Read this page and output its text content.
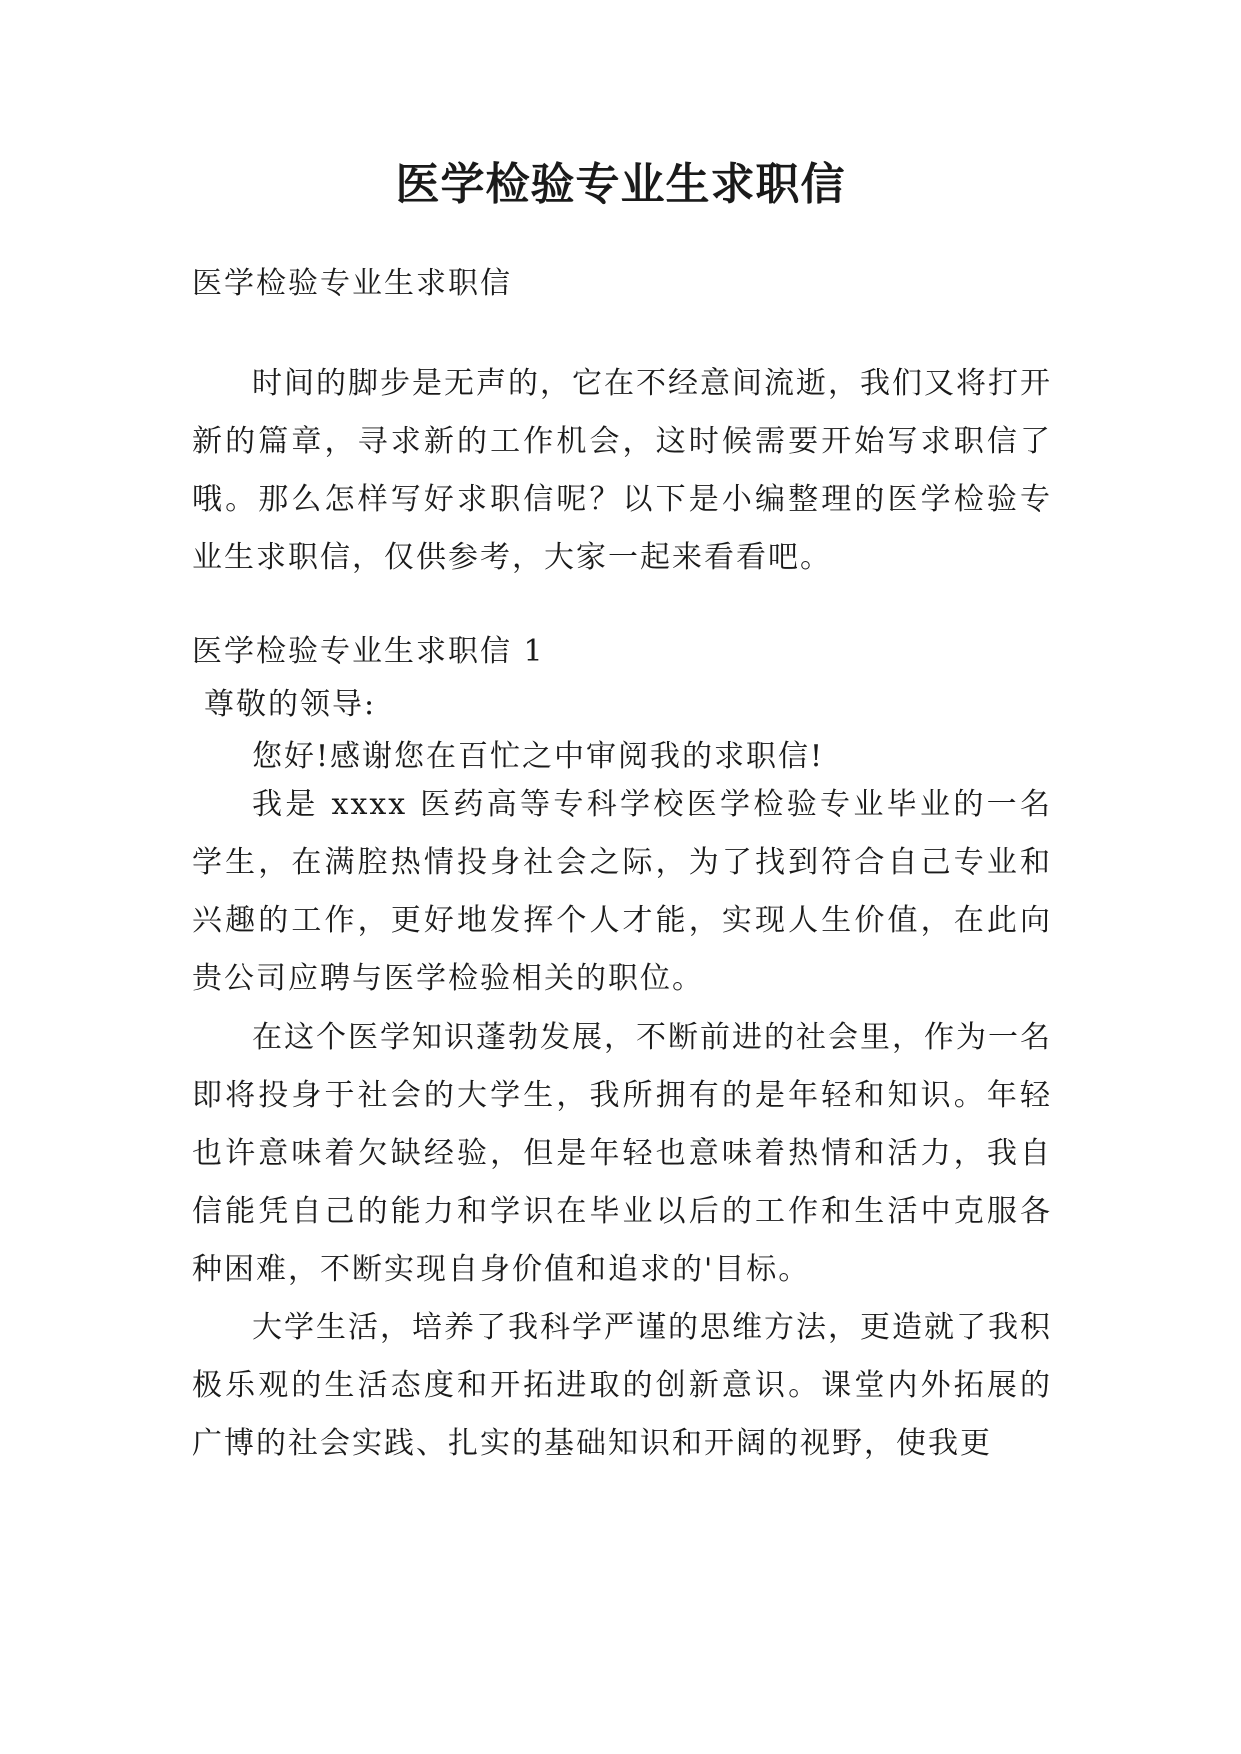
医学检验专业生求职信

医学检验专业生求职信

时间的脚步是无声的，它在不经意间流逝，我们又将打开新的篇章，寻求新的工作机会，这时候需要开始写求职信了哦。那么怎样写好求职信呢？以下是小编整理的医学检验专业生求职信，仅供参考，大家一起来看看吧。

医学检验专业生求职信 1

尊敬的领导:

您好!感谢您在百忙之中审阅我的求职信!

我是 xxxx 医药高等专科学校医学检验专业毕业的一名学生，在满腔热情投身社会之际，为了找到符合自己专业和兴趣的工作，更好地发挥个人才能，实现人生价值，在此向贵公司应聘与医学检验相关的职位。

在这个医学知识蓬勃发展，不断前进的社会里，作为一名即将投身于社会的大学生，我所拥有的是年轻和知识。年轻也许意味着欠缺经验，但是年轻也意味着热情和活力，我自信能凭自己的能力和学识在毕业以后的工作和生活中克服各种困难，不断实现自身价值和追求的'目标。

大学生活，培养了我科学严谨的思维方法，更造就了我积极乐观的生活态度和开拓进取的创新意识。课堂内外拓展的广博的社会实践、扎实的基础知识和开阔的视野，使我更
